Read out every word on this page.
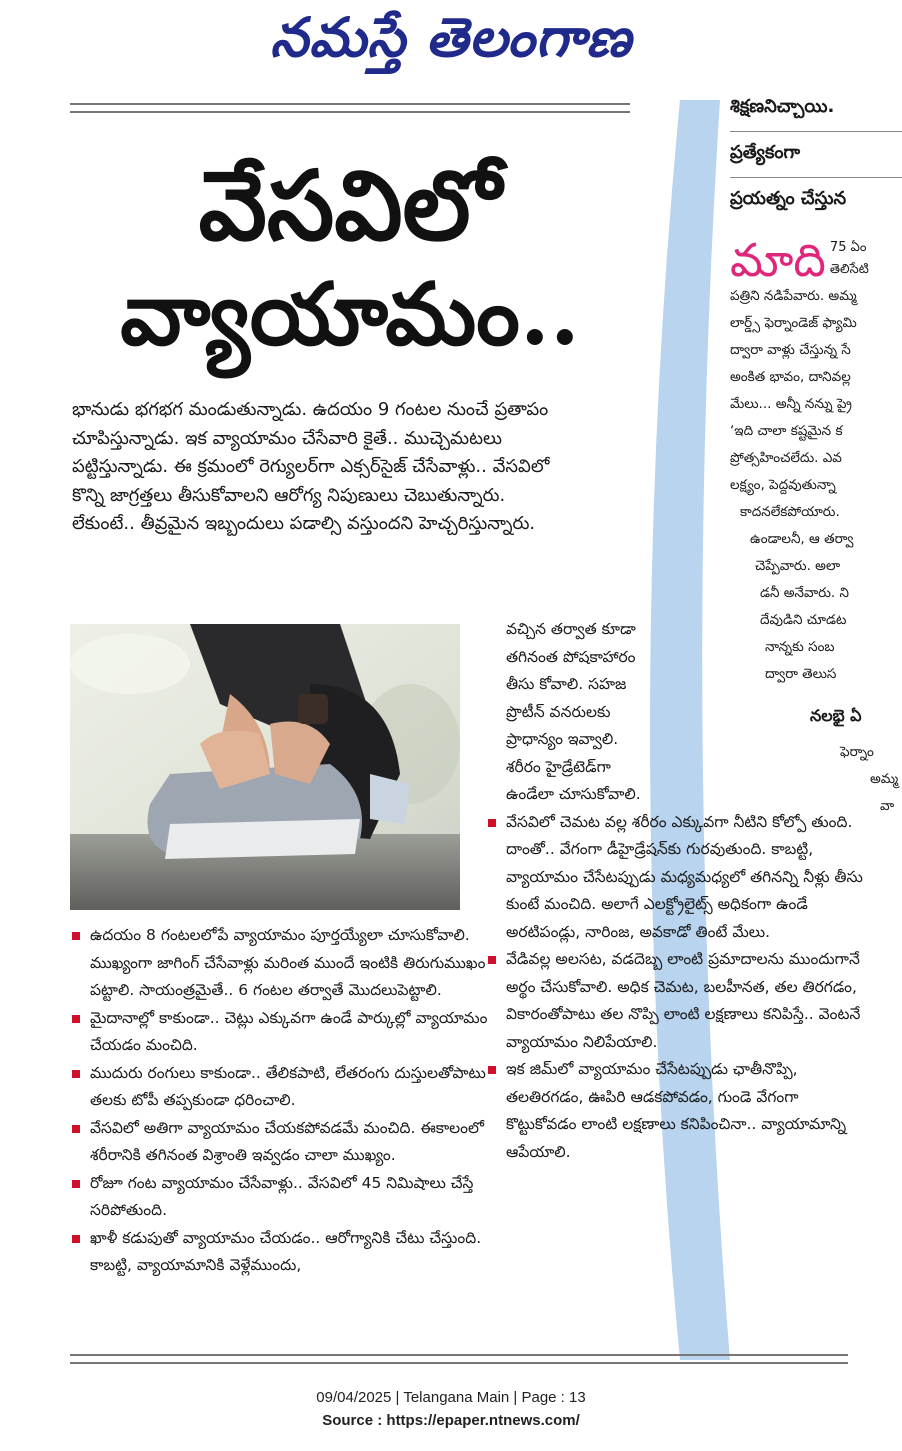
నమస్తే తెలంగాణ
వేసవిలో
వ్యాయామం..

భానుడు భగభగ మండుతున్నాడు. ఉదయం 9 గంటల నుంచే ప్రతాపం చూపిస్తున్నాడు. ఇక వ్యాయామం చేసేవారి కైతే.. ముచ్చెమటలు పట్టిస్తున్నాడు. ఈ క్రమంలో రెగ్యులర్‌గా ఎక్సర్‌సైజ్ చేసేవాళ్లు.. వేసవిలో కొన్ని జాగ్రత్తలు తీసుకోవాలని ఆరోగ్య నిపుణులు చెబుతున్నారు. లేకుంటే.. తీవ్రమైన ఇబ్బందులు పడాల్సి వస్తుందని హెచ్చరిస్తున్నారు.

వచ్చిన తర్వాత కూడా తగినంత పోషకాహారం తీసు కోవాలి. సహజ ప్రొటీన్ వనరులకు ప్రాధాన్యం ఇవ్వాలి. శరీరం హైడ్రేటెడ్‌గా ఉండేలా చూసుకోవాలి.

వేసవిలో చెమట వల్ల శరీరం ఎక్కువగా నీటిని కోల్పో తుంది. దాంతో.. వేగంగా డీహైడ్రేషన్‌కు గురవుతుంది. కాబట్టి, వ్యాయామం చేసేటప్పుడు మధ్యమధ్యలో తగినన్ని నీళ్లు తీసు కుంటే మంచిది. అలాగే ఎలక్ట్రోలైట్స్ అధికంగా ఉండే అరటిపండ్లు, నారింజ, అవకాడో తింటే మేలు.
వేడివల్ల అలసట, వడదెబ్బ లాంటి ప్రమాదాలను ముందుగానే అర్థం చేసుకోవాలి. అధిక చెమట, బలహీనత, తల తిరగడం, వికారంతోపాటు తల నొప్పి లాంటి లక్షణాలు కనిపిస్తే.. వెంటనే వ్యాయామం నిలిపేయాలి.
ఇక జిమ్‌లో వ్యాయామం చేసేటప్పుడు ఛాతీనొప్పి, తలతిరగడం, ఊపిరి ఆడకపోవడం, గుండె వేగంగా కొట్టుకోవడం లాంటి లక్షణాలు కనిపించినా.. వ్యాయామాన్ని ఆపేయాలి.
ఉదయం 8 గంటలలోపే వ్యాయామం పూర్తయ్యేలా చూసుకోవాలి. ముఖ్యంగా జాగింగ్ చేసేవాళ్లు మరింత ముందే ఇంటికి తిరుగుముఖం పట్టాలి. సాయంత్రమైతే.. 6 గంటల తర్వాతే మొదలుపెట్టాలి.
మైదానాల్లో కాకుండా.. చెట్లు ఎక్కువగా ఉండే పార్కుల్లో వ్యాయామం చేయడం మంచిది.
ముదురు రంగులు కాకుండా.. తేలికపాటి, లేతరంగు దుస్తులతోపాటు తలకు టోపీ తప్పకుండా ధరించాలి.
వేసవిలో అతిగా వ్యాయామం చేయకపోవడమే మంచిది. ఈకాలంలో శరీరానికి తగినంత విశ్రాంతి ఇవ్వడం చాలా ముఖ్యం.
రోజూ గంట వ్యాయామం చేసేవాళ్లు.. వేసవిలో 45 నిమిషాలు చేస్తే సరిపోతుంది.
ఖాళీ కడుపుతో వ్యాయామం చేయడం.. ఆరోగ్యానికి చేటు చేస్తుంది. కాబట్టి, వ్యాయామానికి వెళ్లేముందు,

శిక్షణనిచ్చాయి.

ప్రత్యేకంగా

ప్రయత్నం చేస్తున

మాది 75 ఏం
తెలిసేటి

పత్రిని నడిపేవారు. అమ్మ

లార్డ్స్ ఫెర్నాండెజ్ ఫ్యామి

ద్వారా వాళ్లు చేస్తున్న సే

అంకిత భావం, దానివల్ల

మేలు... అన్నీ నన్ను ప్రై

‘ఇది చాలా కష్టమైన క

ప్రోత్సహించలేదు. ఎవ

లక్ష్యం, పెద్దవుతున్నా

కాదనలేకపోయారు.

ఉండాలనీ, ఆ తర్వా

చెప్పేవారు. అలా

డనీ అనేవారు. ని

దేవుడిని చూడట

నాన్నకు సంబ

ద్వారా తెలుస

నలభై ఏ

ఫెర్నాం

అమ్మ

వా

09/04/2025 | Telangana Main | Page : 13
Source : https://epaper.ntnews.com/
